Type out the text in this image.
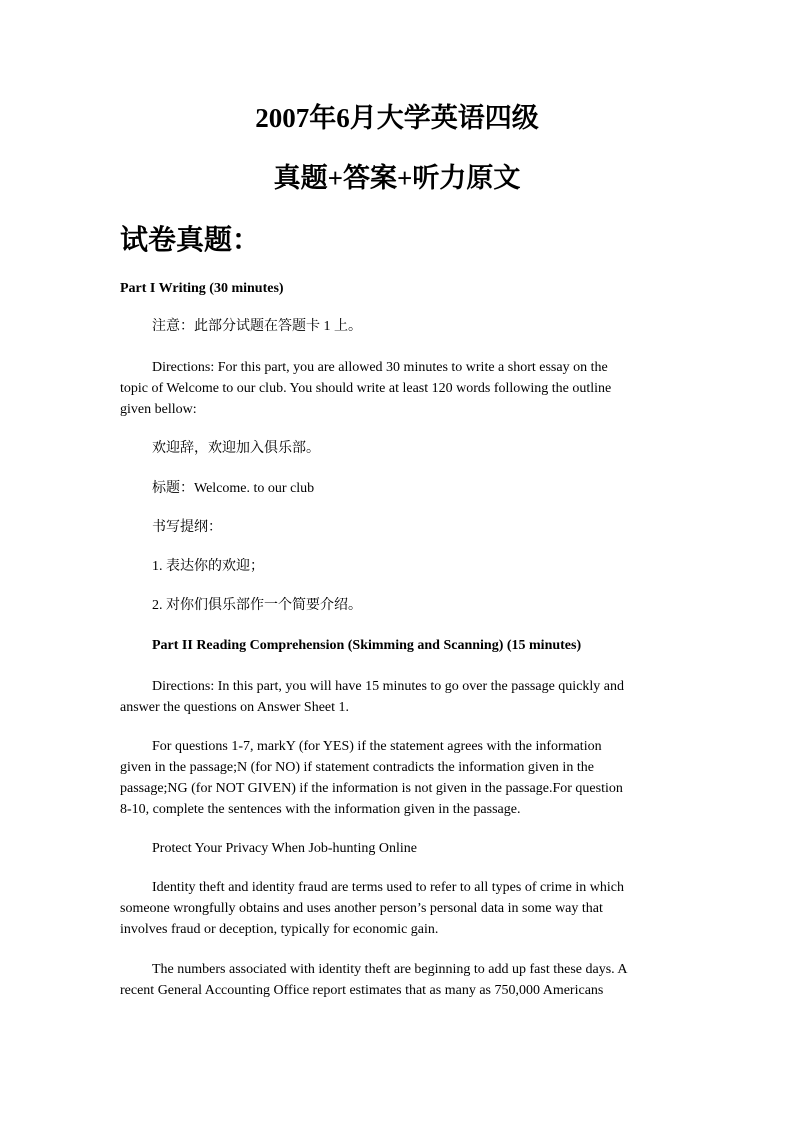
2007年6月大学英语四级
真题+答案+听力原文
试卷真题：
Part I Writing (30 minutes)
注意：此部分试题在答题卡 1 上。
Directions: For this part, you are allowed 30 minutes to write a short essay on the
topic of Welcome to our club. You should write at least 120 words following the outline
given bellow:
欢迎辞，欢迎加入俱乐部。
标题：Welcome. to our club
书写提纲：
1. 表达你的欢迎；
2. 对你们俱乐部作一个简要介绍。
Part II Reading Comprehension (Skimming and Scanning) (15 minutes)
Directions: In this part, you will have 15 minutes to go over the passage quickly and
answer the questions on Answer Sheet 1.
For questions 1-7, markY (for YES) if the statement agrees with the information
given in the passage;N (for NO) if statement contradicts the information given in the
passage;NG (for NOT GIVEN) if the information is not given in the passage.For question
8-10, complete the sentences with the information given in the passage.
Protect Your Privacy When Job-hunting Online
Identity theft and identity fraud are terms used to refer to all types of crime in which
someone wrongfully obtains and uses another person’s personal data in some way that
involves fraud or deception, typically for economic gain.
The numbers associated with identity theft are beginning to add up fast these days. A
recent General Accounting Office report estimates that as many as 750,000 Americans
